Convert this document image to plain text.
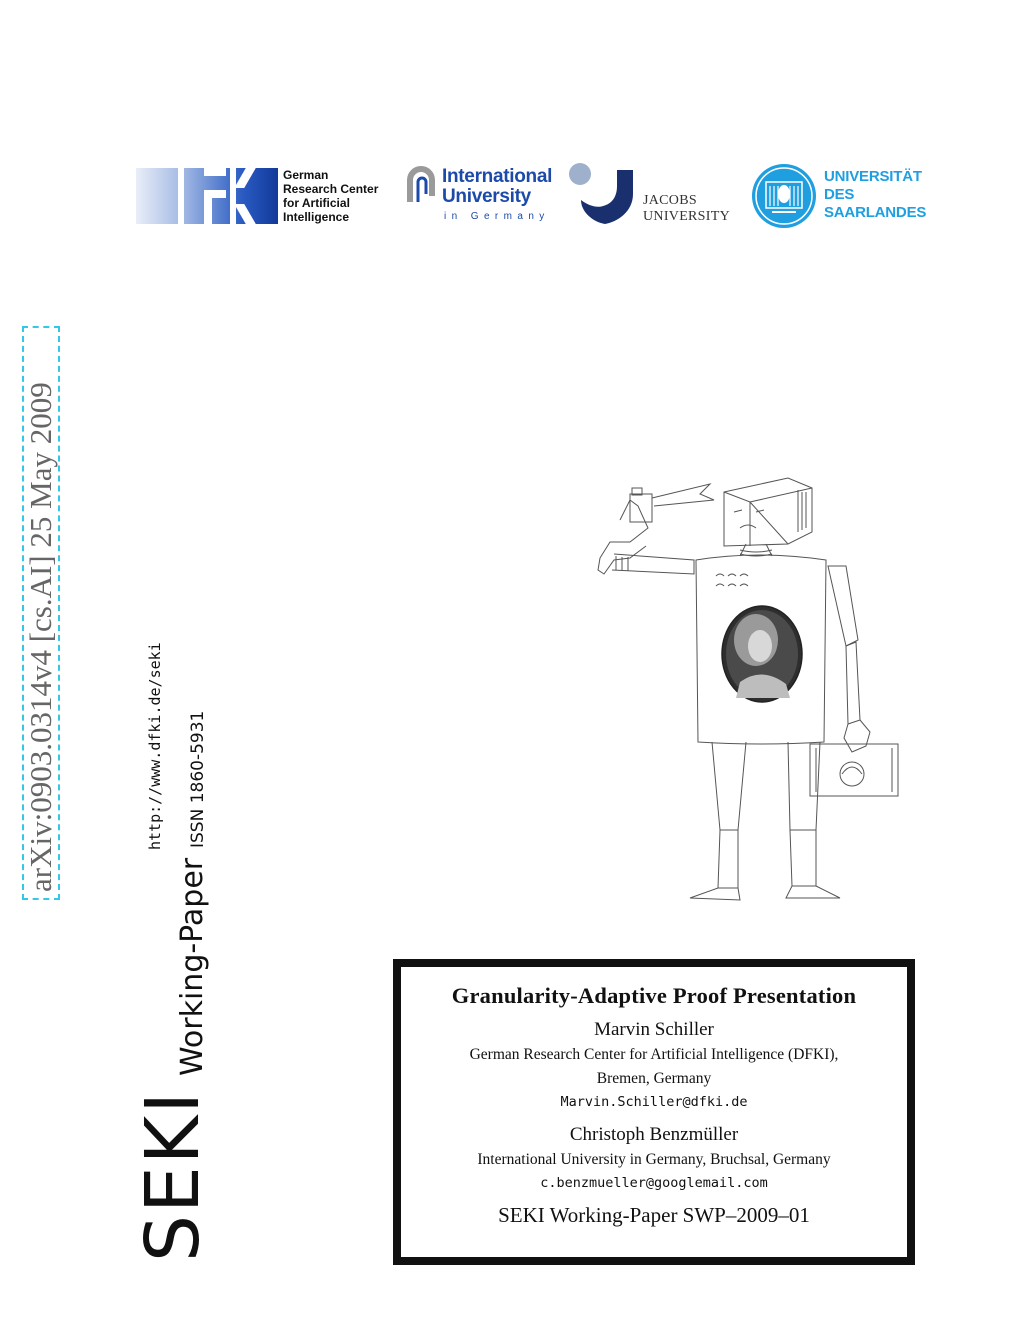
German
Research Center
for Artificial
Intelligence
International
University
in Germany
JACOBS
UNIVERSITY
UNIVERSITÄT
DES
SAARLANDES
arXiv:0903.0314v4 [cs.AI] 25 May 2009	http://www.dfki.de/seki ISSN 1860-5931
Working-Paper
SEKI
Granularity-Adaptive Proof Presentation
Marvin Schiller
German Research Center for Artificial Intelligence (DFKI),
Bremen, Germany
Marvin.Schiller@dfki.de
Christoph Benzmüller
International University in Germany, Bruchsal, Germany
c.benzmueller@googlemail.com
SEKI Working-Paper SWP–2009–01
